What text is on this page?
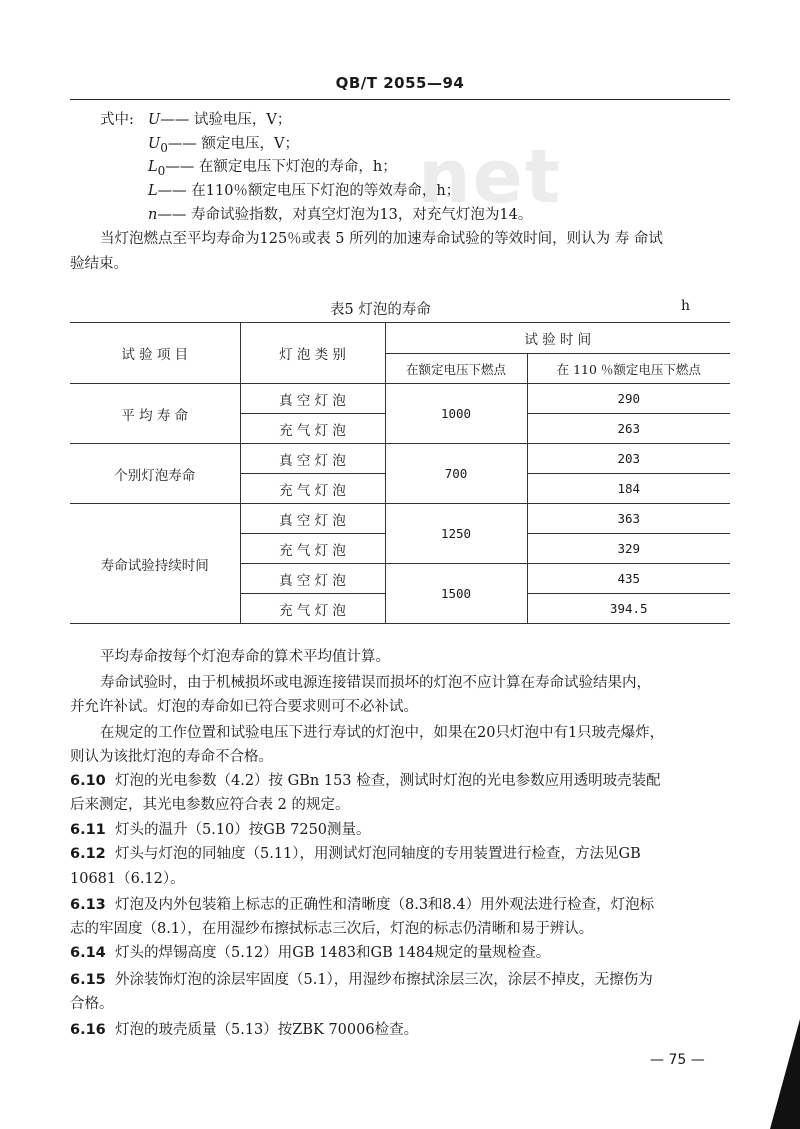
QB/T 2055—94
net
式中: U—— 试验电压，V；
$U_0——$ 额定电压，V；
$L_0——$ 在额定电压下灯泡的寿命，h；
L—— 在110％额定电压下灯泡的等效寿命，h；
n—— 寿命试验指数，对真空灯泡为13，对充气灯泡为14。
当灯泡燃点至平均寿命为125％或表 5 所列的加速寿命试验的等效时间，则认为 寿 命试
验结束。
表5 灯泡的寿命	h
试 验 项 目	灯 泡 类 别	试 验 时 间	
		在额定电压下燃点	在 110 ％额定电压下燃点
平 均 寿 命	真 空 灯 泡	1000	290
	充 气 灯 泡		263
个别灯泡寿命	真 空 灯 泡	700	203
	充 气 灯 泡		184
寿命试验持续时间	真 空 灯 泡	1250	363
	充 气 灯 泡		329
	真 空 灯 泡	1500	435
	充 气 灯 泡		394.5
平均寿命按每个灯泡寿命的算术平均值计算。
寿命试验时，由于机械损坏或电源连接错误而损坏的灯泡不应计算在寿命试验结果内，
并允许补试。灯泡的寿命如已符合要求则可不必补试。
在规定的工作位置和试验电压下进行寿试的灯泡中，如果在20只灯泡中有1只玻壳爆炸，
则认为该批灯泡的寿命不合格。
6.10 灯泡的光电参数（4.2）按 GBn 153 检查，测试时灯泡的光电参数应用透明玻壳装配
后来测定，其光电参数应符合表 2 的规定。
6.11 灯头的温升（5.10）按GB 7250测量。
6.12 灯头与灯泡的同轴度（5.11），用测试灯泡同轴度的专用装置进行检查，方法见GB
10681（6.12）。
6.13 灯泡及内外包装箱上标志的正确性和清晰度（8.3和8.4）用外观法进行检查，灯泡标
志的牢固度（8.1），在用湿纱布擦拭标志三次后，灯泡的标志仍清晰和易于辨认。
6.14 灯头的焊锡高度（5.12）用GB 1483和GB 1484规定的量规检查。
6.15 外涂装饰灯泡的涂层牢固度（5.1），用湿纱布擦拭涂层三次，涂层不掉皮，无擦伤为
合格。
6.16 灯泡的玻壳质量（5.13）按ZBK 70006检查。
— 75 —
